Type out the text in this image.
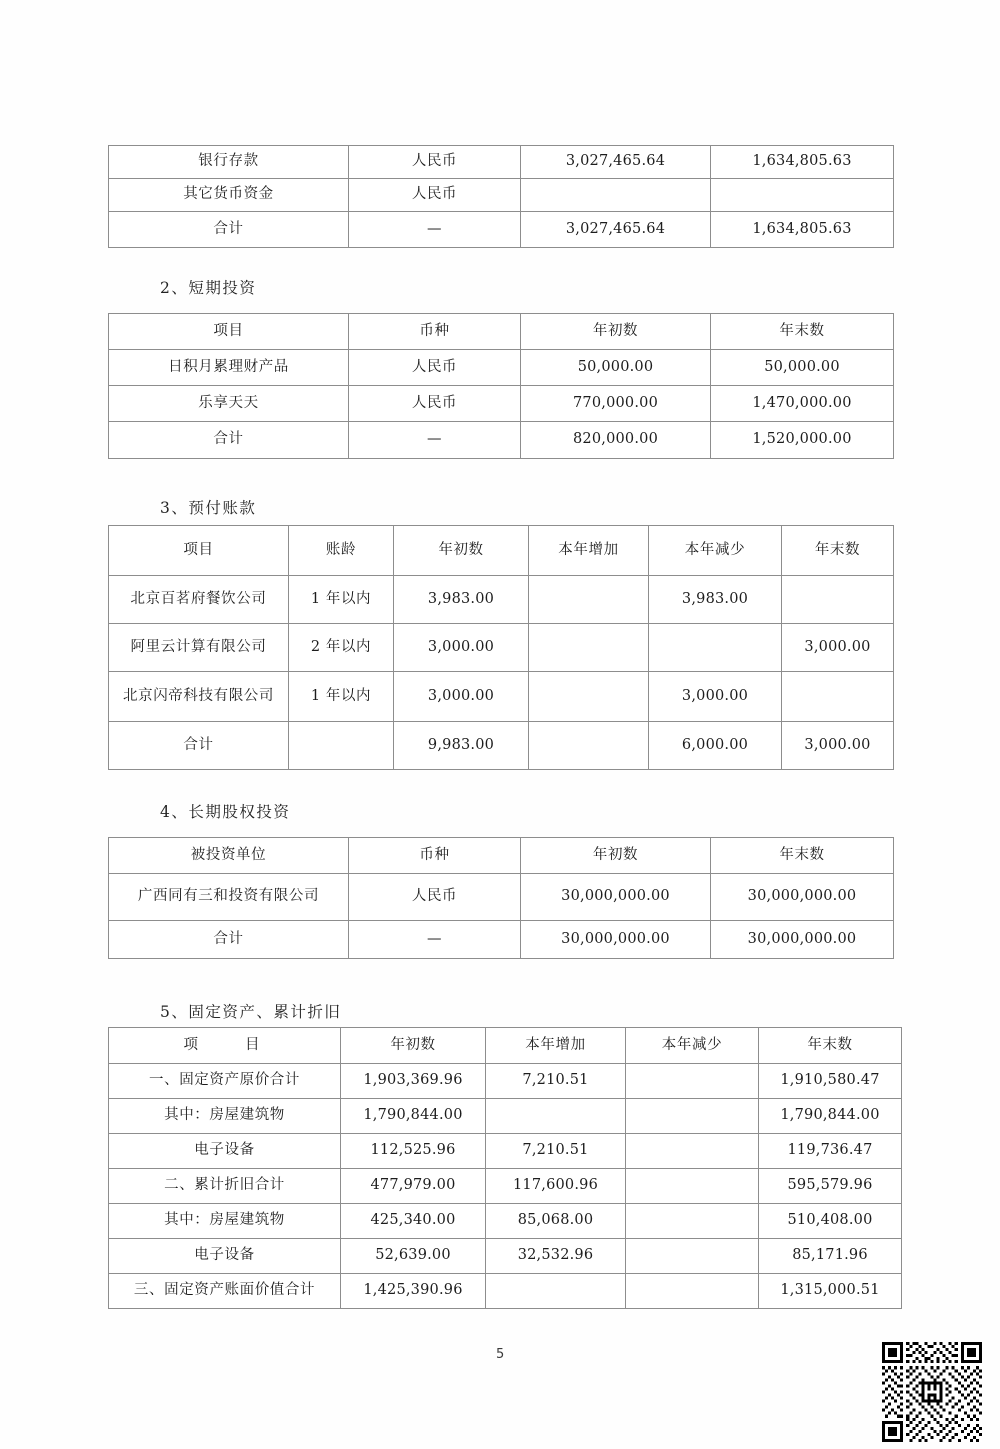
银行存款	人民币	3,027,465.64	1,634,805.63
其它货币资金	人民币		
合计	—	3,027,465.64	1,634,805.63
2、短期投资
项目	币种	年初数	年末数
日积月累理财产品	人民币	50,000.00	50,000.00
乐享天天	人民币	770,000.00	1,470,000.00
合计	—	820,000.00	1,520,000.00
3、预付账款
项目	账龄	年初数	本年增加	本年减少	年末数
北京百茗府餐饮公司	1 年以内	3,983.00		3,983.00	
阿里云计算有限公司	2 年以内	3,000.00			3,000.00
北京闪帝科技有限公司	1 年以内	3,000.00		3,000.00	
合计		9,983.00		6,000.00	3,000.00
4、长期股权投资
被投资单位	币种	年初数	年末数
广西同有三和投资有限公司	人民币	30,000,000.00	30,000,000.00
合计	—	30,000,000.00	30,000,000.00
5、固定资产、累计折旧
项　　目	年初数	本年增加	本年减少	年末数
一、固定资产原价合计	1,903,369.96	7,210.51		1,910,580.47
其中：房屋建筑物	1,790,844.00			1,790,844.00
电子设备	112,525.96	7,210.51		119,736.47
二、累计折旧合计	477,979.00	117,600.96		595,579.96
其中：房屋建筑物	425,340.00	85,068.00		510,408.00
电子设备	52,639.00	32,532.96		85,171.96
三、固定资产账面价值合计	1,425,390.96			1,315,000.51
5
